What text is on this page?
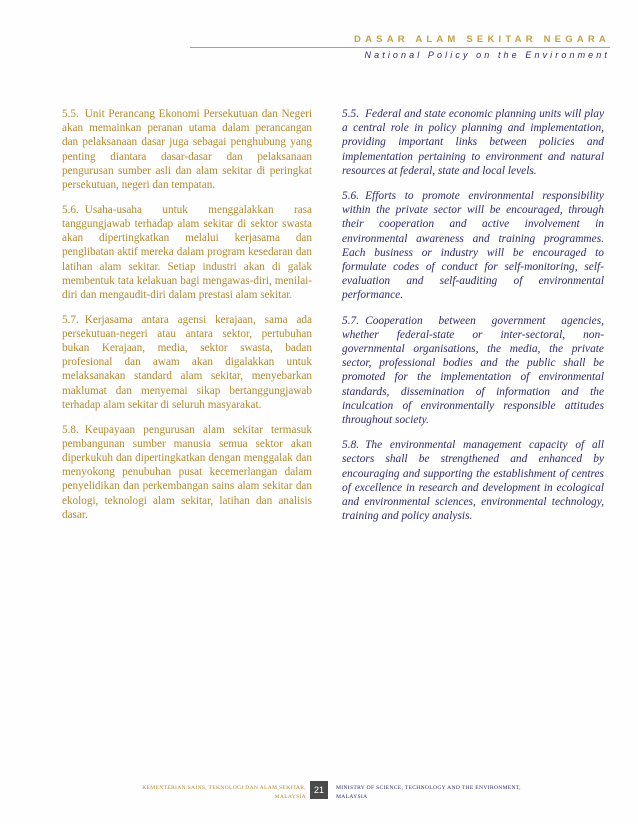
DASAR ALAM SEKITAR NEGARA
National Policy on the Environment

5.5. Unit Perancang Ekonomi Persekutuan dan Negeri akan memainkan peranan utama dalam perancangan dan pelaksanaan dasar juga sebagai penghubung yang penting diantara dasar-dasar dan pelaksanaan pengurusan sumber asli dan alam sekitar di peringkat persekutuan, negeri dan tempatan.

5.6. Usaha-usaha untuk menggalakkan rasa tanggungjawab terhadap alam sekitar di sektor swasta akan dipertingkatkan melalui kerjasama dan penglibatan aktif mereka dalam program kesedaran dan latihan alam sekitar. Setiap industri akan di galak membentuk tata kelakuan bagi mengawas-diri, menilai-diri dan mengaudit-diri dalam prestasi alam sekitar.

5.7. Kerjasama antara agensi kerajaan, sama ada persekutuan-negeri atau antara sektor, pertubuhan bukan Kerajaan, media, sektor swasta, badan profesional dan awam akan digalakkan untuk melaksanakan standard alam sekitar, menyebarkan maklumat dan menyemai sikap bertanggungjawab terhadap alam sekitar di seluruh masyarakat.

5.8. Keupayaan pengurusan alam sekitar termasuk pembangunan sumber manusia semua sektor akan diperkukuh dan dipertingkatkan dengan menggalak dan menyokong penubuhan pusat kecemerlangan dalam penyelidikan dan perkembangan sains alam sekitar dan ekologi, teknologi alam sekitar, latihan dan analisis dasar.

5.5. Federal and state economic planning units will play a central role in policy planning and implementation, providing important links between policies and implementation pertaining to environment and natural resources at federal, state and local levels.

5.6. Efforts to promote environmental responsibility within the private sector will be encouraged, through their cooperation and active involvement in environmental awareness and training programmes. Each business or industry will be encouraged to formulate codes of conduct for self-monitoring, self-evaluation and self-auditing of environmental performance.

5.7. Cooperation between government agencies, whether federal-state or inter-sectoral, non-governmental organisations, the media, the private sector, professional bodies and the public shall be promoted for the implementation of environmental standards, dissemination of information and the inculcation of environmentally responsible attitudes throughout society.

5.8. The environmental management capacity of all sectors shall be strengthened and enhanced by encouraging and supporting the establishment of centres of excellence in research and development in ecological and environmental sciences, environmental technology, training and policy analysis.

KEMENTERIAN SAINS, TEKNOLOGI DAN ALAM SEKITAR,
MALAYSIA
21	MINISTRY OF SCIENCE, TECHNOLOGY AND THE ENVIRONMENT,
MALAYSIA
